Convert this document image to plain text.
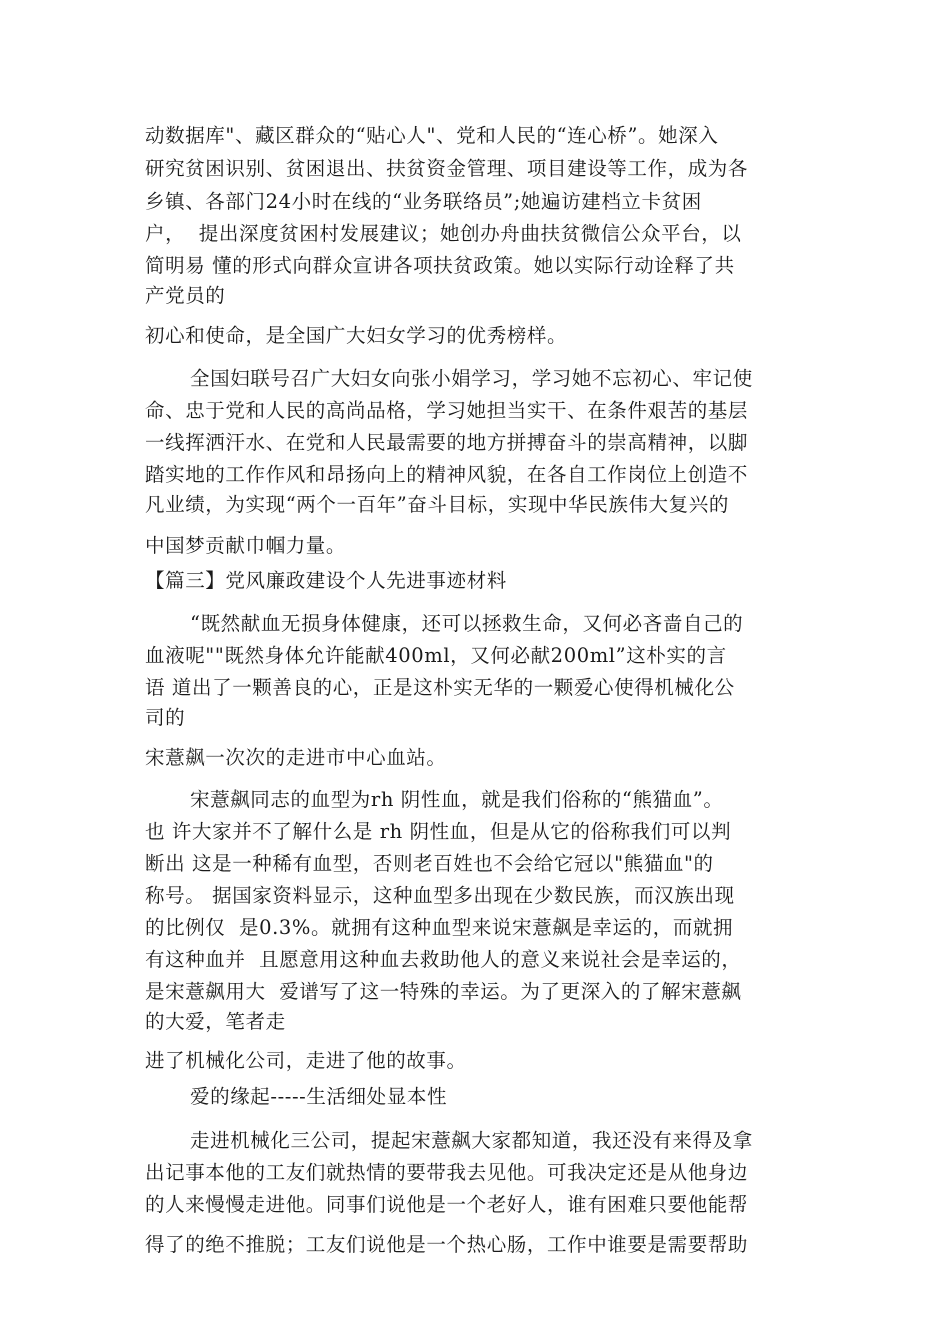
动数据库"、藏区群众的“贴心人"、党和人民的“连心桥”。她深入
研究贫困识别、贫困退出、扶贫资金管理、项目建设等工作，成为各
乡镇、各部门24小时在线的“业务联络员”;她遍访建档立卡贫困
户，  提出深度贫困村发展建议；她创办舟曲扶贫微信公众平台，以
简明易 懂的形式向群众宣讲各项扶贫政策。她以实际行动诠释了共
产党员的
初心和使命，是全国广大妇女学习的优秀榜样。
全国妇联号召广大妇女向张小娟学习，学习她不忘初心、牢记使
命、忠于党和人民的高尚品格，学习她担当实干、在条件艰苦的基层
一线挥洒汗水、在党和人民最需要的地方拼搏奋斗的崇高精神，以脚
踏实地的工作作风和昂扬向上的精神风貌，在各自工作岗位上创造不
凡业绩，为实现“两个一百年”奋斗目标，实现中华民族伟大复兴的
中国梦贡献巾帼力量。
【篇三】党风廉政建设个人先进事迹材料
“既然献血无损身体健康，还可以拯救生命，又何必吝啬自己的
血液呢""既然身体允许能献400ml，又何必献200ml”这朴实的言
语 道出了一颗善良的心，正是这朴实无华的一颗爱心使得机械化公
司的
宋薏飙一次次的走进市中心血站。
宋薏飙同志的血型为rh 阴性血，就是我们俗称的“熊猫血”。
也 许大家并不了解什么是 rh 阴性血，但是从它的俗称我们可以判
断出 这是一种稀有血型，否则老百姓也不会给它冠以"熊猫血"的
称号。 据国家资料显示，这种血型多出现在少数民族，而汉族出现
的比例仅  是0.3%。就拥有这种血型来说宋薏飙是幸运的，而就拥
有这种血并  且愿意用这种血去救助他人的意义来说社会是幸运的，
是宋薏飙用大  爱谱写了这一特殊的幸运。为了更深入的了解宋薏飙
的大爱，笔者走
进了机械化公司，走进了他的故事。
爱的缘起-----生活细处显本性
走进机械化三公司，提起宋薏飙大家都知道，我还没有来得及拿
出记事本他的工友们就热情的要带我去见他。可我决定还是从他身边
的人来慢慢走进他。同事们说他是一个老好人，谁有困难只要他能帮
得了的绝不推脱；工友们说他是一个热心肠，工作中谁要是需要帮助
